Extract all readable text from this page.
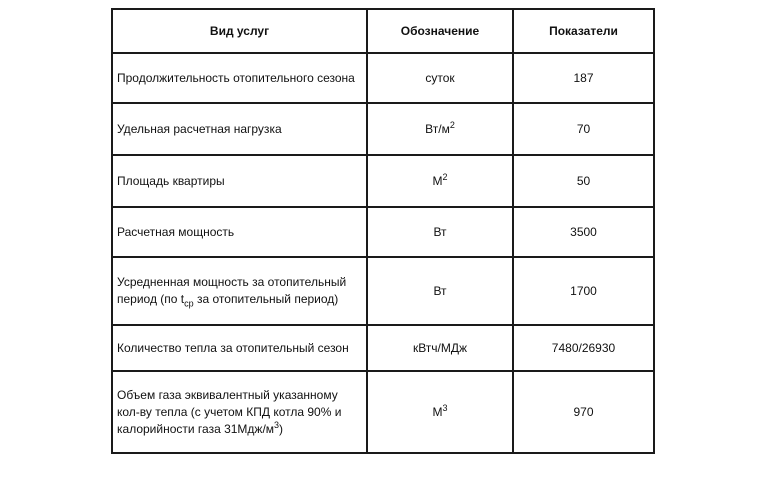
Вид услуг	Обозначение	Показатели
Продолжительность отопительного сезона	суток	187
Удельная расчетная нагрузка	$Вт/м^2$	70
Площадь квартиры	$М^2$	50
Расчетная мощность	Вт	3500
Усредненная мощность за отопительный период (по $t_{ср}$ за отопительный период)	Вт	1700
Количество тепла за отопительный сезон	кВтч/МДж	7480/26930
Объем газа эквивалентный указанному кол-ву тепла (с учетом КПД котла 90% и калорийности газа $31Мдж/м^3$)	$М^3$	970
